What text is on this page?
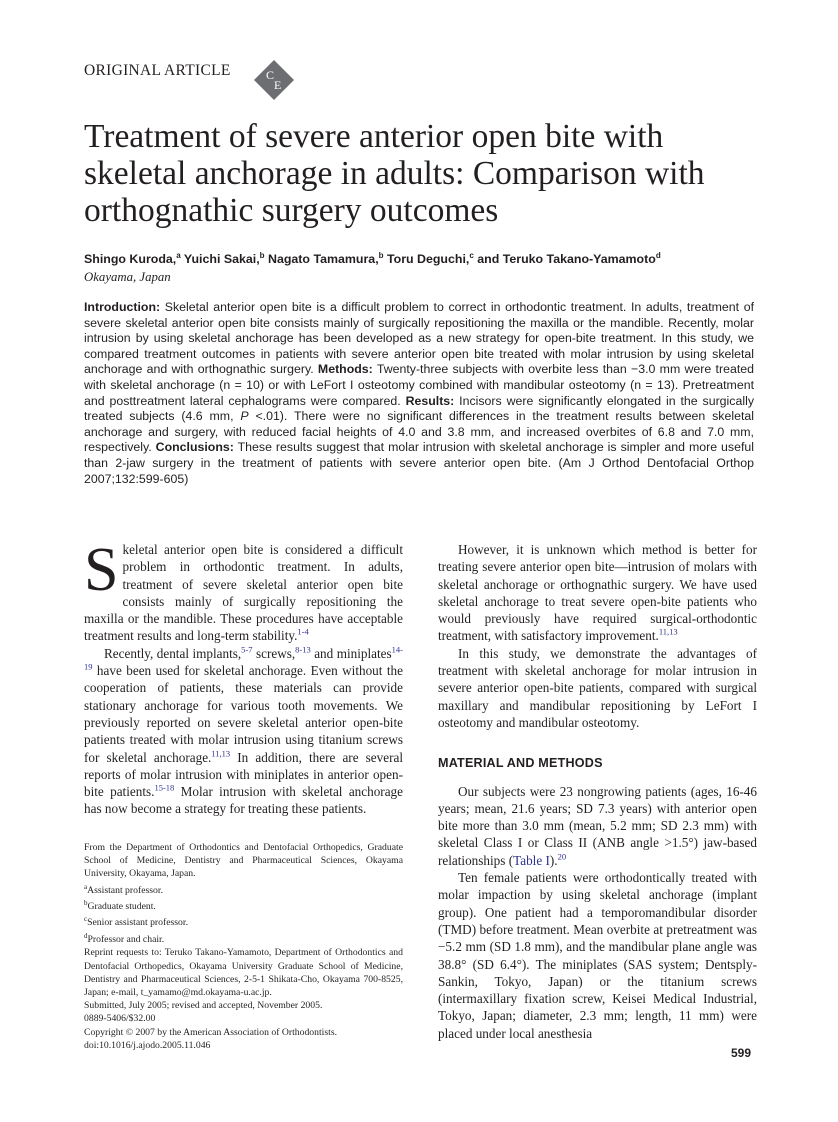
ORIGINAL ARTICLE	C
E
Treatment of severe anterior open bite with skeletal anchorage in adults: Comparison with orthognathic surgery outcomes
Shingo Kuroda,$^a$ Yuichi Sakai,$^b$ Nagato Tamamura,$^b$ Toru Deguchi,$^c$ and Teruko Takano-Yamamoto$^d$
Okayama, Japan

Introduction: Skeletal anterior open bite is a difficult problem to correct in orthodontic treatment. In adults, treatment of severe skeletal anterior open bite consists mainly of surgically repositioning the maxilla or the mandible. Recently, molar intrusion by using skeletal anchorage has been developed as a new strategy for open-bite treatment. In this study, we compared treatment outcomes in patients with severe anterior open bite treated with molar intrusion by using skeletal anchorage and with orthognathic surgery. Methods: Twenty-three subjects with overbite less than −3.0 mm were treated with skeletal anchorage (n = 10) or with LeFort I osteotomy combined with mandibular osteotomy (n = 13). Pretreatment and posttreatment lateral cephalograms were compared. Results: Incisors were significantly elongated in the surgically treated subjects (4.6 mm, P <.01). There were no significant differences in the treatment results between skeletal anchorage and surgery, with reduced facial heights of 4.0 and 3.8 mm, and increased overbites of 6.8 and 7.0 mm, respectively. Conclusions: These results suggest that molar intrusion with skeletal anchorage is simpler and more useful than 2-jaw surgery in the treatment of patients with severe anterior open bite. (Am J Orthod Dentofacial Orthop 2007;132:599-605)

Skeletal anterior open bite is considered a difficult problem in orthodontic treatment. In adults, treatment of severe skeletal anterior open bite consists mainly of surgically repositioning the maxilla or the mandible. These procedures have acceptable treatment results and long-term stability.$^{1-4}$

Recently, dental implants,$^{5-7}$ screws,$^{8-13}$ and miniplates$^{14-19}$ have been used for skeletal anchorage. Even without the cooperation of patients, these materials can provide stationary anchorage for various tooth movements. We previously reported on severe skeletal anterior open-bite patients treated with molar intrusion using titanium screws for skeletal anchorage.$^{11,13}$ In addition, there are several reports of molar intrusion with miniplates in anterior open-bite patients.$^{15-18}$ Molar intrusion with skeletal anchorage has now become a strategy for treating these patients.

From the Department of Orthodontics and Dentofacial Orthopedics, Graduate School of Medicine, Dentistry and Pharmaceutical Sciences, Okayama University, Okayama, Japan.
$^a$Assistant professor.
$^b$Graduate student.
$^c$Senior assistant professor.
$^d$Professor and chair.
Reprint requests to: Teruko Takano-Yamamoto, Department of Orthodontics and Dentofacial Orthopedics, Okayama University Graduate School of Medicine, Dentistry and Pharmaceutical Sciences, 2-5-1 Shikata-Cho, Okayama 700-8525, Japan; e-mail, t_yamamo@md.okayama-u.ac.jp.
Submitted, July 2005; revised and accepted, November 2005.
0889-5406/$32.00
Copyright © 2007 by the American Association of Orthodontists.
doi:10.1016/j.ajodo.2005.11.046

However, it is unknown which method is better for treating severe anterior open bite—intrusion of molars with skeletal anchorage or orthognathic surgery. We have used skeletal anchorage to treat severe open-bite patients who would previously have required surgical-orthodontic treatment, with satisfactory improvement.$^{11,13}$

In this study, we demonstrate the advantages of treatment with skeletal anchorage for molar intrusion in severe anterior open-bite patients, compared with surgical maxillary and mandibular repositioning by LeFort I osteotomy and mandibular osteotomy.

MATERIAL AND METHODS

Our subjects were 23 nongrowing patients (ages, 16-46 years; mean, 21.6 years; SD 7.3 years) with anterior open bite more than 3.0 mm (mean, 5.2 mm; SD 2.3 mm) with skeletal Class I or Class II (ANB angle >1.5°) jaw-based relationships (Table I).$^{20}$

Ten female patients were orthodontically treated with molar impaction by using skeletal anchorage (implant group). One patient had a temporomandibular disorder (TMD) before treatment. Mean overbite at pretreatment was −5.2 mm (SD 1.8 mm), and the mandibular plane angle was 38.8° (SD 6.4°). The miniplates (SAS system; Dentsply-Sankin, Tokyo, Japan) or the titanium screws (intermaxillary fixation screw, Keisei Medical Industrial, Tokyo, Japan; diameter, 2.3 mm; length, 11 mm) were placed under local anesthesia

599
